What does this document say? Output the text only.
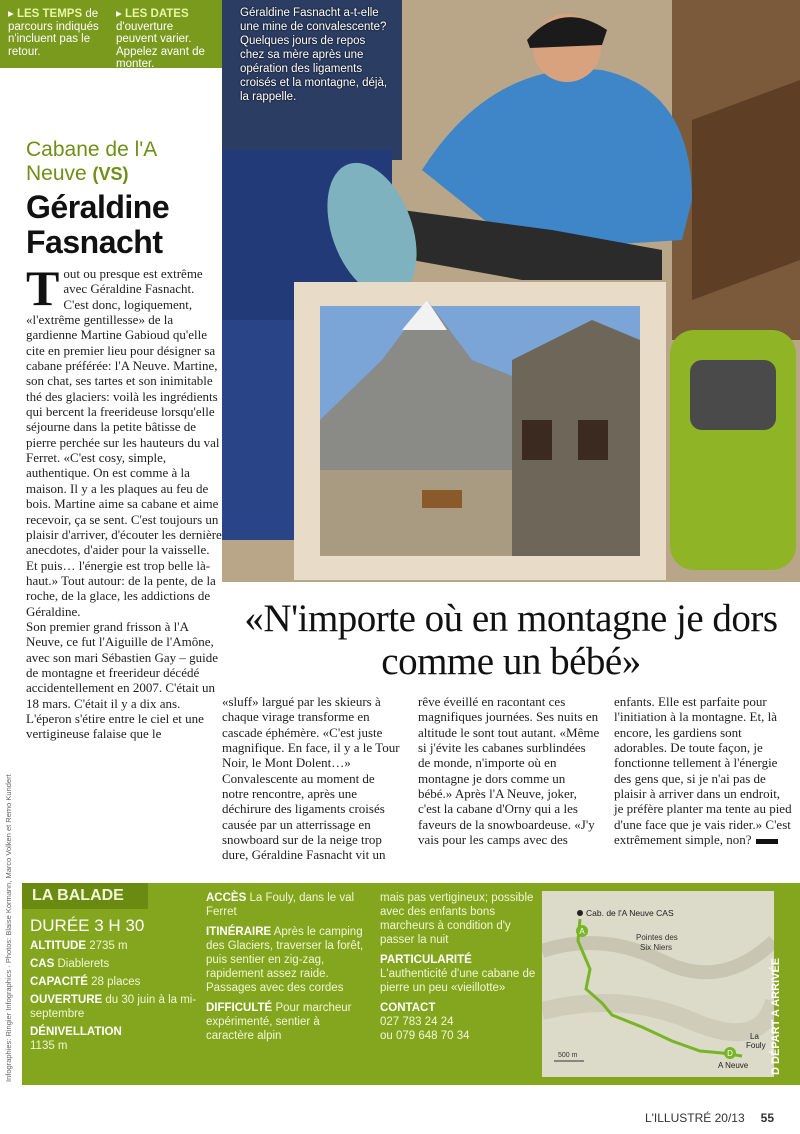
▸ LES TEMPS de parcours indiqués n'incluent pas le retour.
▸ LES DATES d'ouverture peuvent varier. Appelez avant de monter.
Géraldine Fasnacht a-t-elle une mine de convalescente? Quelques jours de repos chez sa mère après une opération des ligaments croisés et la montagne, déjà, la rappelle.
Cabane de l'A Neuve (VS)
Géraldine Fasnacht

Tout ou presque est extrême avec Géraldine Fasnacht. C'est donc, logiquement, «l'extrême gentillesse» de la gardienne Martine Gabioud qu'elle cite en premier lieu pour désigner sa cabane préférée: l'A Neuve. Martine, son chat, ses tartes et son inimitable thé des glaciers: voilà les ingrédients qui bercent la freerideuse lorsqu'elle séjourne dans la petite bâtisse de pierre perchée sur les hauteurs du val Ferret. «C'est cosy, simple, authentique. On est comme à la maison. Il y a les plaques au feu de bois. Martine aime sa cabane et aime recevoir, ça se sent. C'est toujours un plaisir d'arriver, d'écouter les dernière anecdotes, d'aider pour la vaisselle. Et puis… l'énergie est trop belle là-haut.» Tout autour: de la pente, de la roche, de la glace, les addictions de Géraldine.

Son premier grand frisson à l'A Neuve, ce fut l'Aiguille de l'Amône, avec son mari Sébastien Gay – guide de montagne et freerideur décédé accidentellement en 2007. C'était un 18 mars. C'était il y a dix ans. L'éperon s'étire entre le ciel et une vertigineuse falaise que le

«N'importe où en montagne je dors comme un bébé»
«sluff» largué par les skieurs à chaque virage transforme en cascade éphémère. «C'est juste magnifique. En face, il y a le Tour Noir, le Mont Dolent…» Convalescente au moment de notre rencontre, après une déchirure des ligaments croisés causée par un atterrissage en snowboard sur de la neige trop dure, Géraldine Fasnacht vit un
rêve éveillé en racontant ces magnifiques journées. Ses nuits en altitude le sont tout autant. «Même si j'évite les cabanes surblindées de monde, n'importe où en montagne je dors comme un bébé.» Après l'A Neuve, joker, c'est la cabane d'Orny qui a les faveurs de la snowboardeuse. «J'y vais pour les camps avec des
enfants. Elle est parfaite pour l'initiation à la montagne. Et, là encore, les gardiens sont adorables. De toute façon, je fonctionne tellement à l'énergie des gens que, si je n'ai pas de plaisir à arriver dans un endroit, je préfère planter ma tente au pied d'une face que je vais rider.» C'est extrêmement simple, non?
LA BALADE
DURÉE 3 H 30
ALTITUDE 2735 m
CAS Diablerets
CAPACITÉ 28 places
OUVERTURE du 30 juin à la mi-septembre
DÉNIVELLATION
1135 m
ACCÈS La Fouly, dans le val Ferret
ITINÉRAIRE Après le camping des Glaciers, traverser la forêt, puis sentier en zig-zag, rapidement assez raide. Passages avec des cordes
DIFFICULTÉ Pour marcheur expérimenté, sentier à caractère alpin
mais pas vertigineux; possible avec des enfants bons marcheurs à condition d'y passer la nuit
PARTICULARITÉ
L'authenticité d'une cabane de pierre un peu «vieillotte»
CONTACT
027 783 24 24
ou 079 648 70 34
A
D
Cab. de l'A Neuve CAS
Pointes des
Six Niers
La
Fouly
A Neuve
500 m	D DÉPART A ARRIVÉE
Infographies: Ringier Infographics · Photos: Blaise Kormann, Marco Volken et Remo Kundert
L'ILLUSTRÉ 20/13 55
